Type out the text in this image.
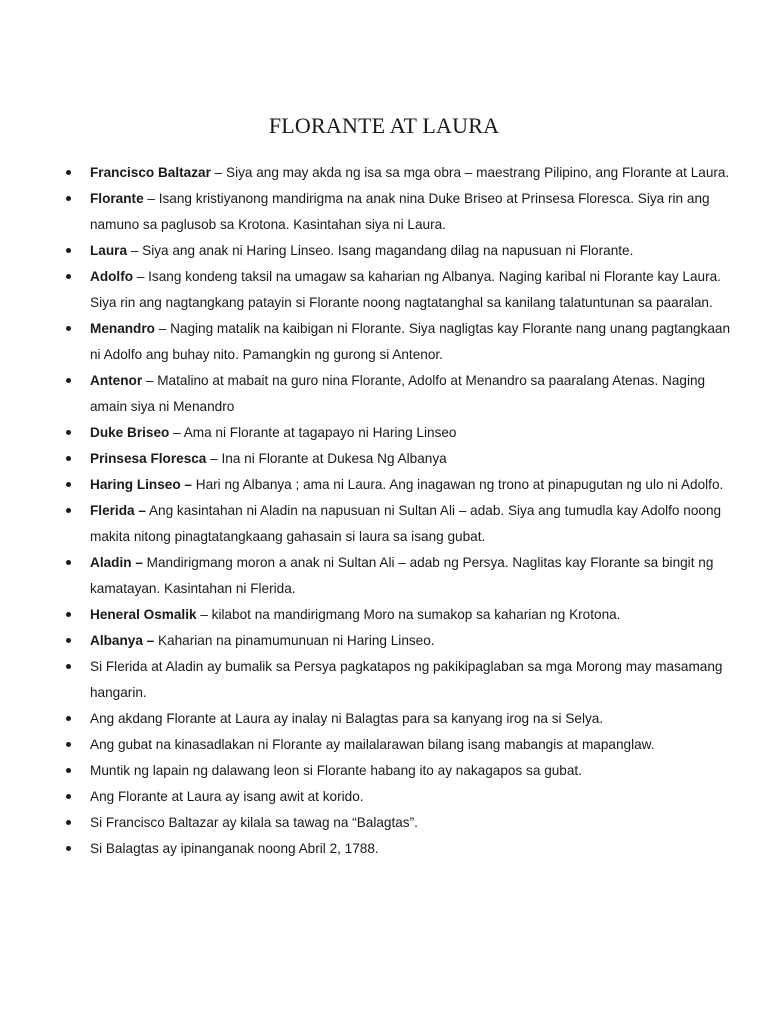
FLORANTE AT LAURA
Francisco Baltazar – Siya ang may akda ng isa sa mga obra – maestrang Pilipino, ang Florante at Laura.
Florante – Isang kristiyanong mandirigma na anak nina Duke Briseo at Prinsesa Floresca. Siya rin ang namuno sa paglusob sa Krotona. Kasintahan siya ni Laura.
Laura – Siya ang anak ni Haring Linseo. Isang magandang dilag na napusuan ni Florante.
Adolfo – Isang kondeng taksil na umagaw sa kaharian ng Albanya. Naging karibal ni Florante kay Laura. Siya rin ang nagtangkang patayin si Florante noong nagtatanghal sa kanilang talatuntunan sa paaralan.
Menandro – Naging matalik na kaibigan ni Florante. Siya nagligtas kay Florante nang unang pagtangkaan ni Adolfo ang buhay nito. Pamangkin ng gurong si Antenor.
Antenor – Matalino at mabait na guro nina Florante, Adolfo at Menandro sa paaralang Atenas. Naging amain siya ni Menandro
Duke Briseo – Ama ni Florante at tagapayo ni Haring Linseo
Prinsesa Floresca – Ina ni Florante at Dukesa Ng Albanya
Haring Linseo – Hari ng Albanya ; ama ni Laura. Ang inagawan ng trono at pinapugutan ng ulo ni Adolfo.
Flerida – Ang kasintahan ni Aladin na napusuan ni Sultan Ali – adab. Siya ang tumudla kay Adolfo noong makita nitong pinagtatangkaang gahasain si laura sa isang gubat.
Aladin – Mandirigmang moron a anak ni Sultan Ali – adab ng Persya. Naglitas kay Florante sa bingit ng kamatayan. Kasintahan ni Flerida.
Heneral Osmalik – kilabot na mandirigmang Moro na sumakop sa kaharian ng Krotona.
Albanya – Kaharian na pinamumunuan ni Haring Linseo.
Si Flerida at Aladin ay bumalik sa Persya pagkatapos ng pakikipaglaban sa mga Morong may masamang hangarin.
Ang akdang Florante at Laura ay inalay ni Balagtas para sa kanyang irog na si Selya.
Ang gubat na kinasadlakan ni Florante ay mailalarawan bilang isang mabangis at mapanglaw.
Muntik ng lapain ng dalawang leon si Florante habang ito ay nakagapos sa gubat.
Ang Florante at Laura ay isang awit at korido.
Si Francisco Baltazar ay kilala sa tawag na “Balagtas”.
Si Balagtas ay ipinanganak noong Abril 2, 1788.
